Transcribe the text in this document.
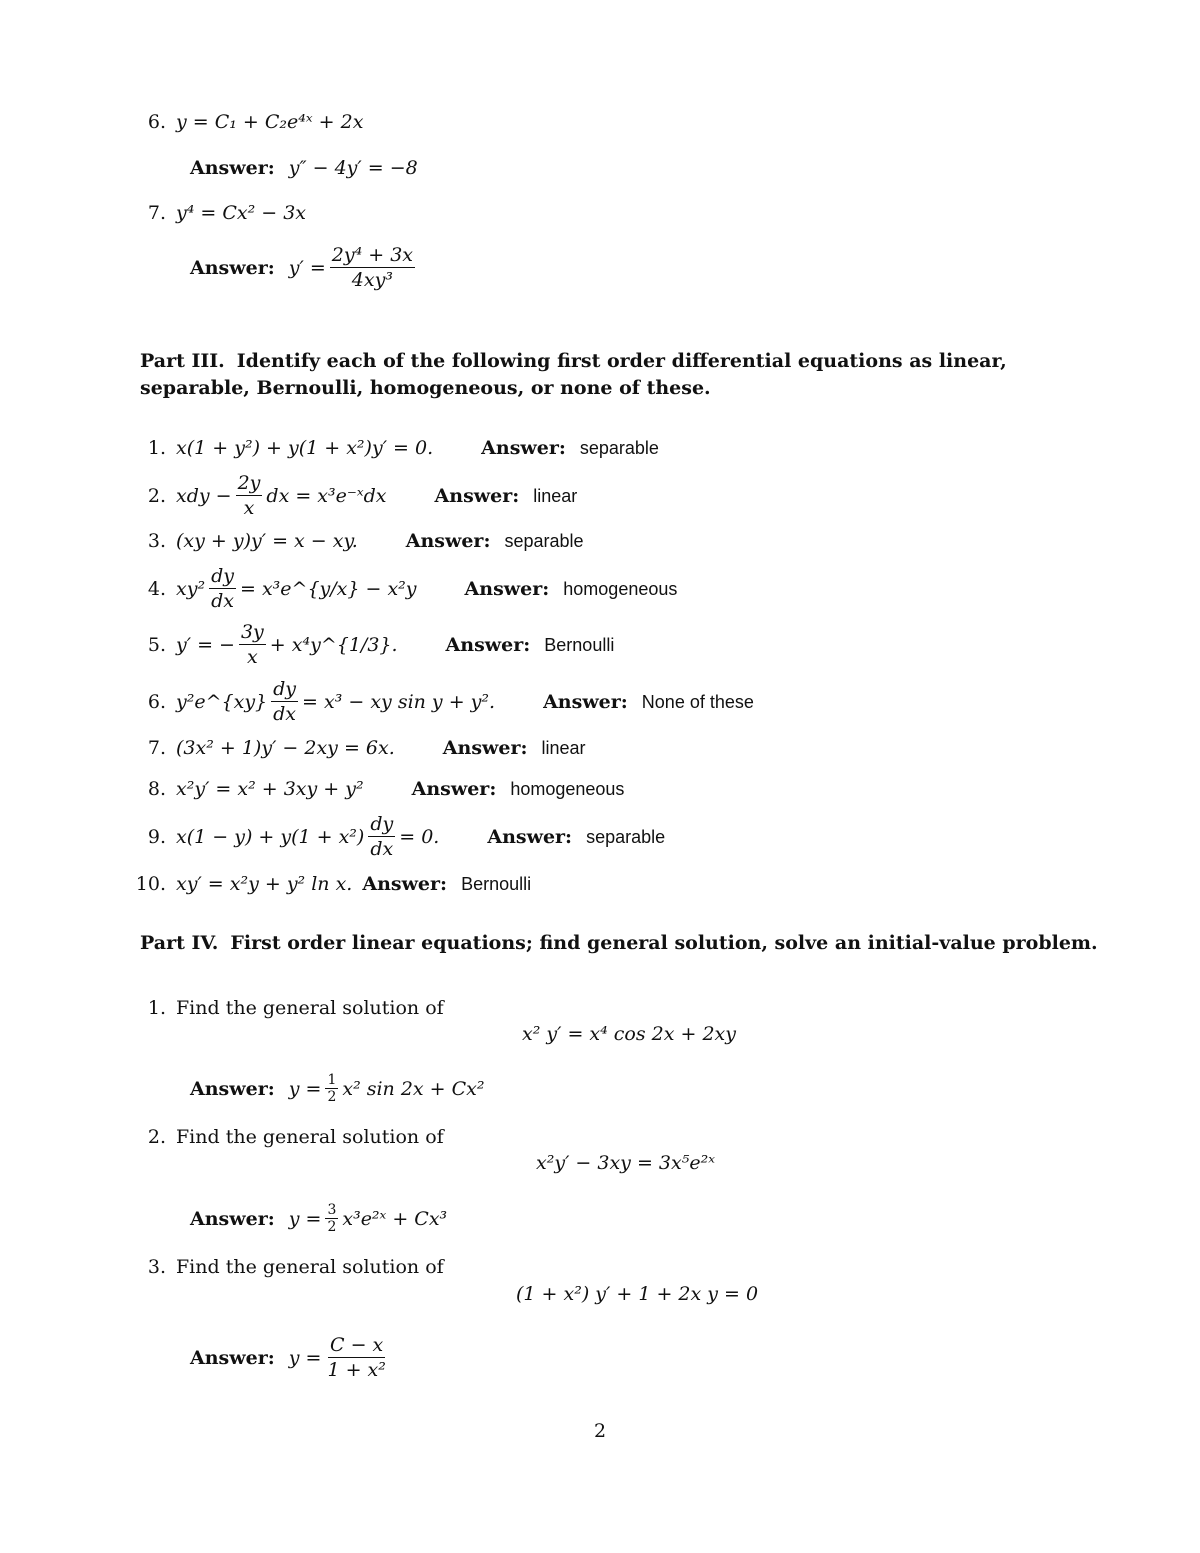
6. y = C₁ + C₂e⁴ˣ + 2x
Answer: y″ − 4y′ = −8
7. y⁴ = Cx² − 3x
Answer: $y' = \frac{\text{2y⁴ + 3x}}{\text{4xy³}}$
Part III. Identify each of the following first order differential equations as linear, separable, Bernoulli, homogeneous, or none of these.
1. x(1 + y²) + y(1 + x²)y′ = 0.	Answer: separable
2. xdy − $\frac{2y}{x}$ dx = x³e⁻ˣdx	Answer: linear
3. (xy + y)y′ = x − xy.	Answer: separable
4. $xy^2 \frac{dy}{dx}$ = x³e^{y/x} − x²y	Answer: homogeneous
5. y′ = − $\frac{3y}{x}$ + x⁴y^{1/3}.	Answer: Bernoulli
6. y²e^{xy} $\frac{dy}{dx} = x^3$ − xy sin y + y².	Answer: None of these
7. (3x² + 1)y′ − 2xy = 6x.	Answer: linear
8. x²y′ = x² + 3xy + y²	Answer: homogeneous
9. $x(1 - y) + y(1 + x^2) \frac{dy}{dx} = 0$.	Answer: separable
10. xy′ = x²y + y² ln x. Answer: Bernoulli
Part IV. First order linear equations; find general solution, solve an initial-value problem.
1. Find the general solution of
x² y′ = x⁴ cos 2x + 2xy
Answer: $y = \frac{1}{2} x^2$ sin 2x + Cx²
2. Find the general solution of
x²y′ − 3xy = 3x⁵e²ˣ
Answer: $y = \frac{3}{2}$ x³e²ˣ + Cx³
3. Find the general solution of
(1 + x²) y′ + 1 + 2x y = 0
Answer: $y = \frac{C - x}{\text{1 + x²}}$
2
